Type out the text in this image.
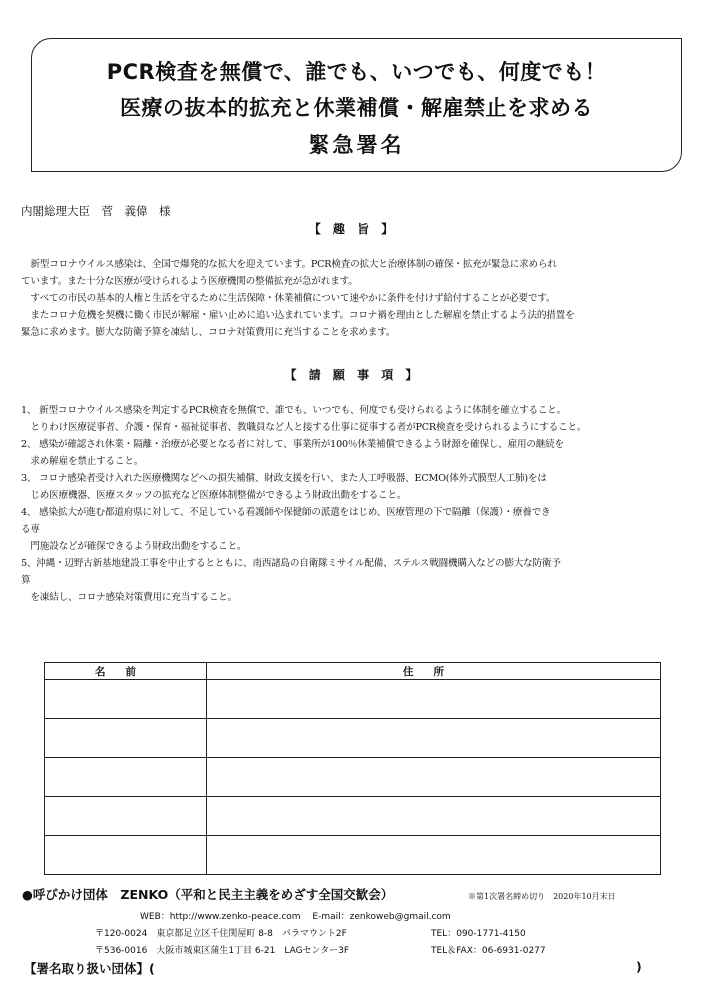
PCR検査を無償で、誰でも、いつでも、何度でも！
医療の抜本的拡充と休業補償・解雇禁止を求める
緊急署名
内閣総理大臣　菅　義偉　様
【 趣 旨 】
　新型コロナウイルス感染は、全国で爆発的な拡大を迎えています。PCR検査の拡大と治療体制の確保・拡充が緊急に求められ
ています。また十分な医療が受けられるよう医療機関の整備拡充が急がれます。
　すべての市民の基本的人権と生活を守るために生活保障・休業補償について速やかに条件を付けず給付することが必要です。
　またコロナ危機を契機に働く市民が解雇・雇い止めに追い込まれています。コロナ禍を理由とした解雇を禁止するよう法的措置を
緊急に求めます。膨大な防衛予算を凍結し、コロナ対策費用に充当することを求めます。
【 請 願 事 項 】
1、 新型コロナウイルス感染を判定するPCR検査を無償で、誰でも、いつでも、何度でも受けられるように体制を確立すること。
　とりわけ医療従事者、介護・保育・福祉従事者、教職員など人と接する仕事に従事する者がPCR検査を受けられるようにすること。
2、 感染が確認され休業・隔離・治療が必要となる者に対して、事業所が100％休業補償できるよう財源を確保し、雇用の継続を
　求め解雇を禁止すること。
3、 コロナ感染者受け入れた医療機関などへの損失補償、財政支援を行い、また人工呼吸器、ECMO(体外式膜型人工肺)をは
　じめ医療機器、医療スタッフの拡充など医療体制整備ができるよう財政出動をすること。
4、 感染拡大が進む都道府県に対して、不足している看護師や保健師の派遣をはじめ、医療管理の下で隔離（保護）・療養でき
る専
　門施設などが確保できるよう財政出動をすること。
5、沖縄・辺野古新基地建設工事を中止するとともに、南西諸島の自衛隊ミサイル配備、ステルス戦闘機購入などの膨大な防衛予
算
　を凍結し、コロナ感染対策費用に充当すること。
名前	住所

●呼びかけ団体　ZENKO（平和と民主主義をめざす全国交歓会）	※第1次署名締め切り　2020年10月末日
WEB：http://www.zenko-peace.com　 E-mail：zenkoweb@gmail.com
〒120-0024　東京都足立区千住関屋町 8-8　パラマウント2F	TEL：090-1771-4150
〒536-0016　大阪市城東区蒲生1丁目 6-21　LAGセンター3F	TEL＆FAX：06-6931-0277
【署名取り扱い団体】(	)
